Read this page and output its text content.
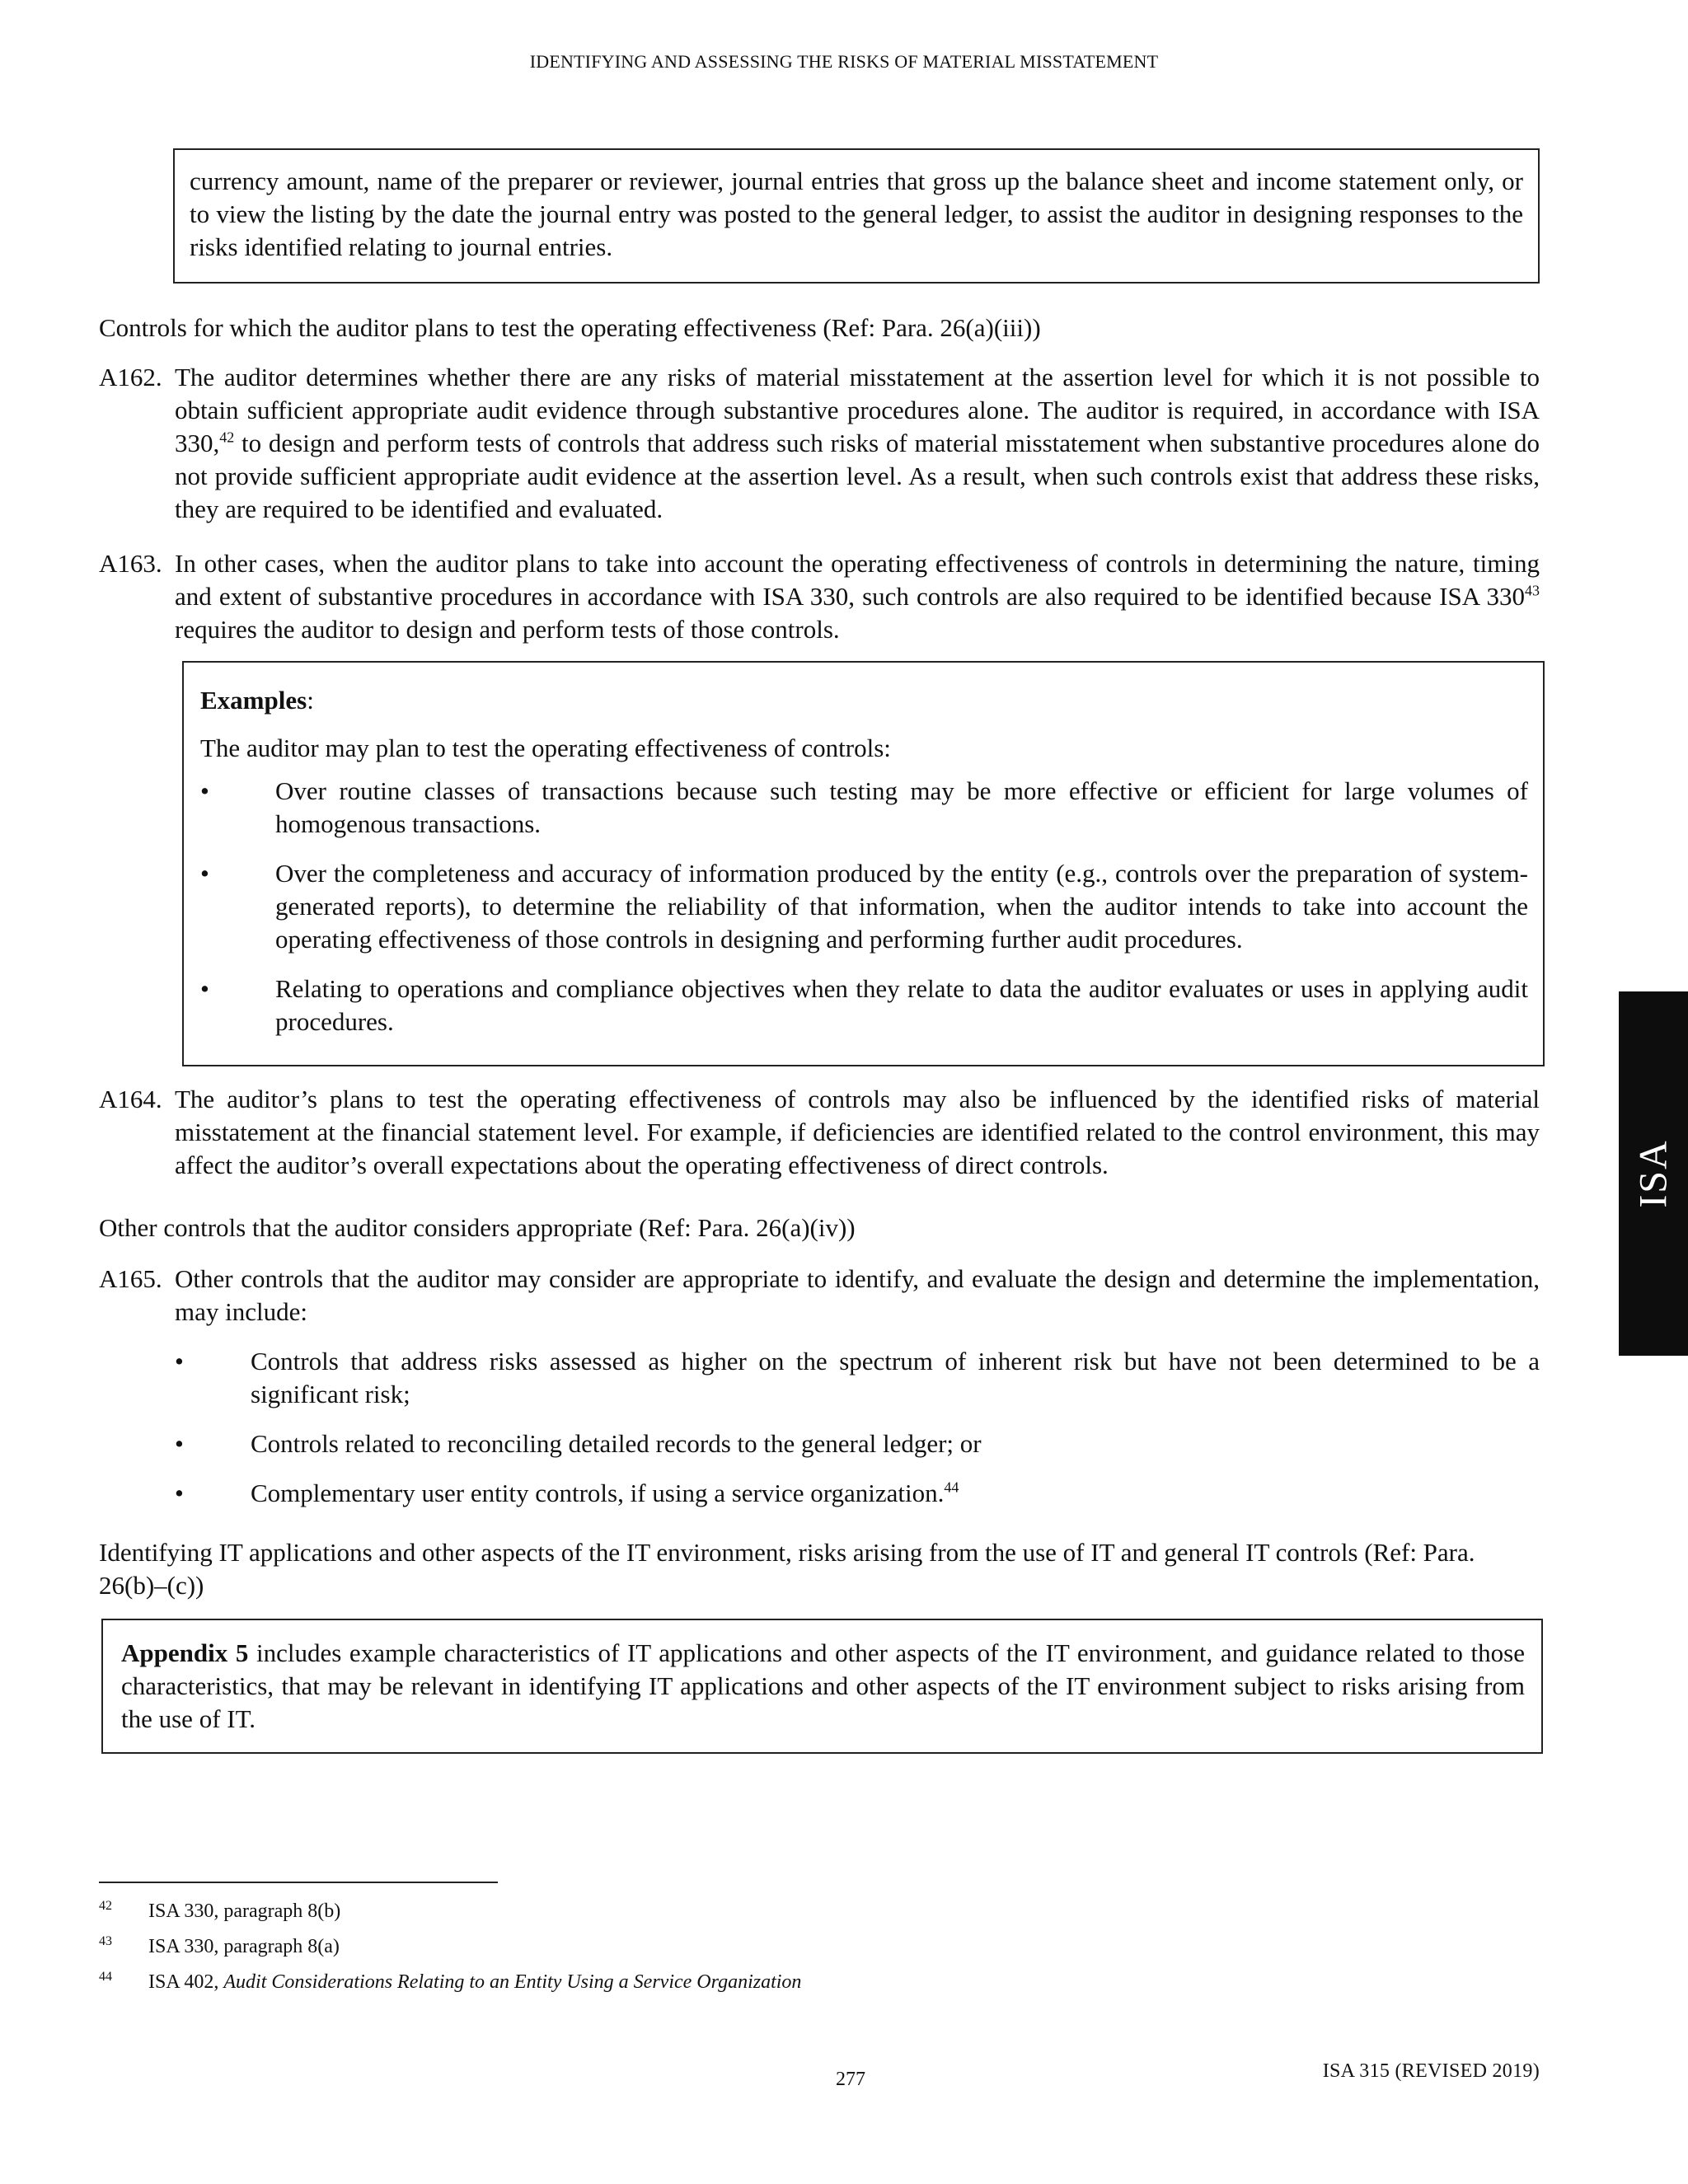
IDENTIFYING AND ASSESSING THE RISKS OF MATERIAL MISSTATEMENT

currency amount, name of the preparer or reviewer, journal entries that gross up the balance sheet and income statement only, or to view the listing by the date the journal entry was posted to the general ledger, to assist the auditor in designing responses to the risks identified relating to journal entries.

Controls for which the auditor plans to test the operating effectiveness (Ref: Para. 26(a)(iii))
A162. The auditor determines whether there are any risks of material misstatement at the assertion level for which it is not possible to obtain sufficient appropriate audit evidence through substantive procedures alone. The auditor is required, in accordance with ISA 330,42 to design and perform tests of controls that address such risks of material misstatement when substantive procedures alone do not provide sufficient appropriate audit evidence at the assertion level. As a result, when such controls exist that address these risks, they are required to be identified and evaluated.
A163. In other cases, when the auditor plans to take into account the operating effectiveness of controls in determining the nature, timing and extent of substantive procedures in accordance with ISA 330, such controls are also required to be identified because ISA $330^{43}$ requires the auditor to design and perform tests of those controls.

Examples:

The auditor may plan to test the operating effectiveness of controls:

•	Over routine classes of transactions because such testing may be more effective or efficient for large volumes of homogenous transactions.
•	Over the completeness and accuracy of information produced by the entity (e.g., controls over the preparation of system-generated reports), to determine the reliability of that information, when the auditor intends to take into account the operating effectiveness of those controls in designing and performing further audit procedures.
•	Relating to operations and compliance objectives when they relate to data the auditor evaluates or uses in applying audit procedures.
A164. The auditor’s plans to test the operating effectiveness of controls may also be influenced by the identified risks of material misstatement at the financial statement level. For example, if deficiencies are identified related to the control environment, this may affect the auditor’s overall expectations about the operating effectiveness of direct controls.
Other controls that the auditor considers appropriate (Ref: Para. 26(a)(iv))
A165. Other controls that the auditor may consider are appropriate to identify, and evaluate the design and determine the implementation, may include:
•	Controls that address risks assessed as higher on the spectrum of inherent risk but have not been determined to be a significant risk;
•	Controls related to reconciling detailed records to the general ledger; or
•	Complementary user entity controls, if using a service organization.$^{44}$
Identifying IT applications and other aspects of the IT environment, risks arising from the use of IT and general IT controls (Ref: Para. 26(b)–(c))

Appendix 5 includes example characteristics of IT applications and other aspects of the IT environment, and guidance related to those characteristics, that may be relevant in identifying IT applications and other aspects of the IT environment subject to risks arising from the use of IT.

42 ISA 330, paragraph 8(b)
43 ISA 330, paragraph 8(a)
44 ISA 402, Audit Considerations Relating to an Entity Using a Service Organization
277	ISA 315 (REVISED 2019)
ISA
